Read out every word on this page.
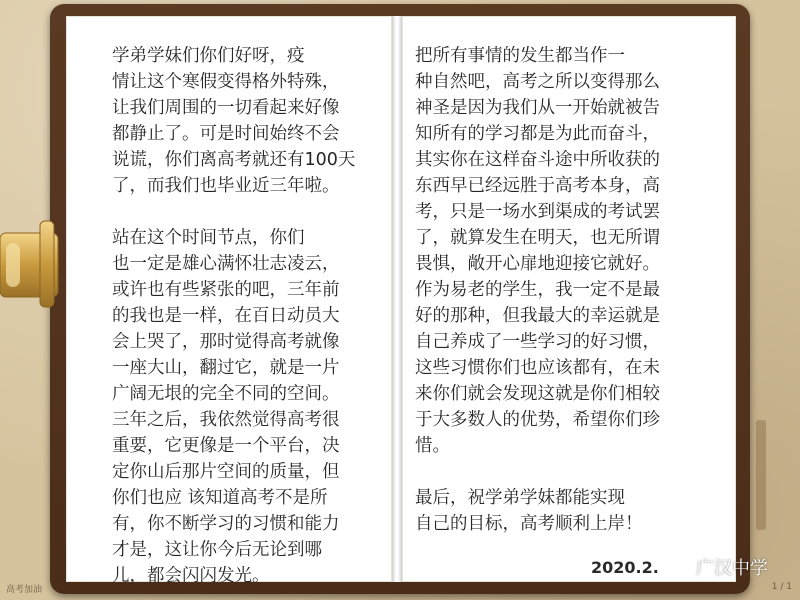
学弟学妹们你们好呀，疫
情让这个寒假变得格外特殊，
让我们周围的一切看起来好像
都静止了。可是时间始终不会
说谎，你们离高考就还有100天
了，而我们也毕业近三年啦。

站在这个时间节点，你们
也一定是雄心满怀壮志凌云，
或许也有些紧张的吧，三年前
的我也是一样，在百日动员大
会上哭了，那时觉得高考就像
一座大山，翻过它，就是一片
广阔无垠的完全不同的空间。
三年之后，我依然觉得高考很
重要，它更像是一个平台，决
定你山后那片空间的质量，但
你们也应 该知道高考不是所
有，你不断学习的习惯和能力
才是，这让你今后无论到哪
儿，都会闪闪发光。

把所有事情的发生都当作一
种自然吧，高考之所以变得那么
神圣是因为我们从一开始就被告
知所有的学习都是为此而奋斗，
其实你在这样奋斗途中所收获的
东西早已经远胜于高考本身，高
考，只是一场水到渠成的考试罢
了，就算发生在明天，也无所谓
畏惧，敞开心扉地迎接它就好。
作为易老的学生，我一定不是最
好的那种，但我最大的幸运就是
自己养成了一些学习的好习惯，
这些习惯你们也应该都有，在未
来你们就会发现这就是你们相较
于大多数人的优势，希望你们珍
惜。

最后，祝学弟学妹都能实现
自己的目标，高考顺利上岸！

2020.2. 广汉中学
高考加油	1 / 1
